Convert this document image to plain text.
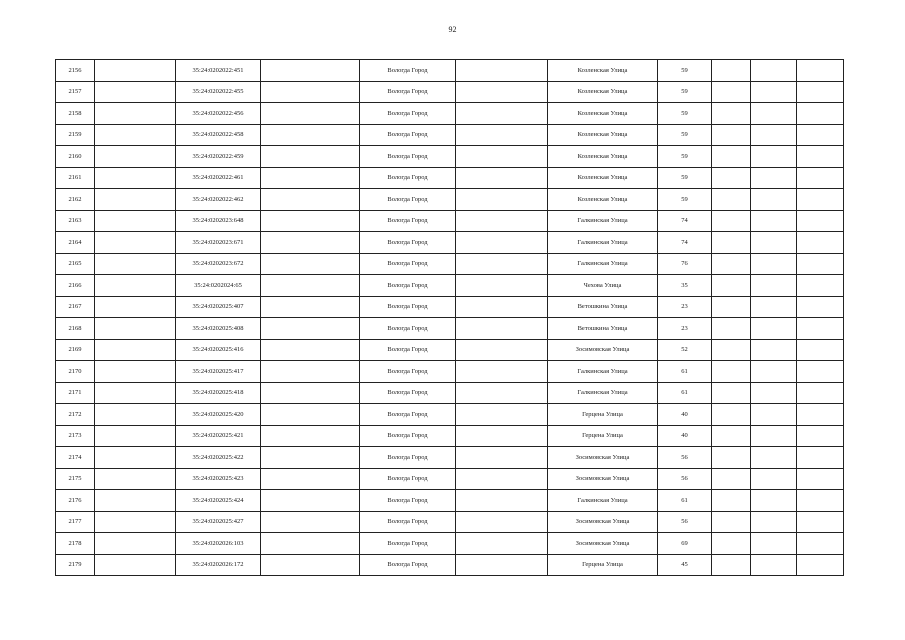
92
2156		35:24:0202022:451		Вологда Город		Козленская Улица	59			
2157		35:24:0202022:455		Вологда Город		Козленская Улица	59			
2158		35:24:0202022:456		Вологда Город		Козленская Улица	59			
2159		35:24:0202022:458		Вологда Город		Козленская Улица	59			
2160		35:24:0202022:459		Вологда Город		Козленская Улица	59			
2161		35:24:0202022:461		Вологда Город		Козленская Улица	59			
2162		35:24:0202022:462		Вологда Город		Козленская Улица	59			
2163		35:24:0202023:648		Вологда Город		Галкинская Улица	74			
2164		35:24:0202023:671		Вологда Город		Галкинская Улица	74			
2165		35:24:0202023:672		Вологда Город		Галкинская Улица	76			
2166		35:24:0202024:65		Вологда Город		Чехова Улица	35			
2167		35:24:0202025:407		Вологда Город		Ветошкина Улица	23			
2168		35:24:0202025:408		Вологда Город		Ветошкина Улица	23			
2169		35:24:0202025:416		Вологда Город		Зосимовская Улица	52			
2170		35:24:0202025:417		Вологда Город		Галкинская Улица	61			
2171		35:24:0202025:418		Вологда Город		Галкинская Улица	61			
2172		35:24:0202025:420		Вологда Город		Герцена Улица	40			
2173		35:24:0202025:421		Вологда Город		Герцена Улица	40			
2174		35:24:0202025:422		Вологда Город		Зосимовская Улица	56			
2175		35:24:0202025:423		Вологда Город		Зосимовская Улица	56			
2176		35:24:0202025:424		Вологда Город		Галкинская Улица	61			
2177		35:24:0202025:427		Вологда Город		Зосимовская Улица	56			
2178		35:24:0202026:103		Вологда Город		Зосимовская Улица	69			
2179		35:24:0202026:172		Вологда Город		Герцена Улица	45			
